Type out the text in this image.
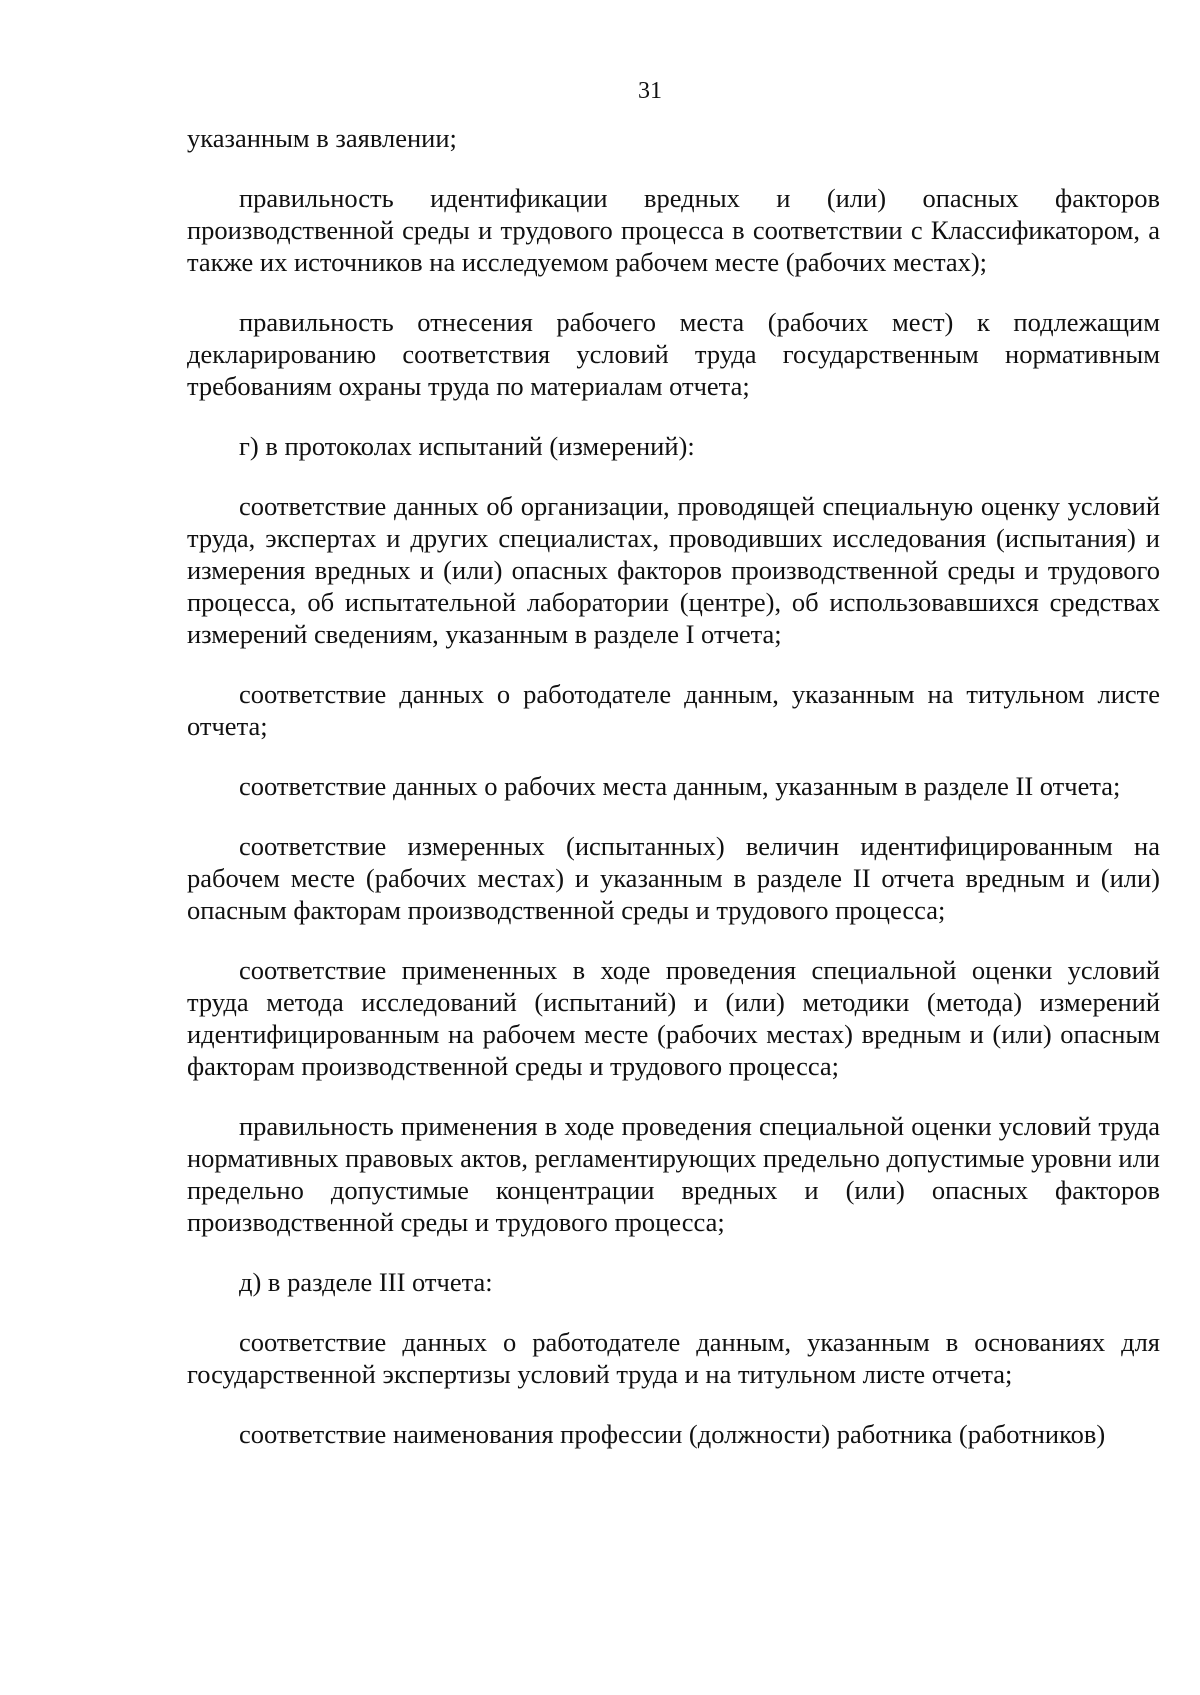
31

указанным в заявлении;

правильность идентификации вредных и (или) опасных факторов производственной среды и трудового процесса в соответствии с Классификатором, а также их источников на исследуемом рабочем месте (рабочих местах);

правильность отнесения рабочего места (рабочих мест) к подлежащим декларированию соответствия условий труда государственным нормативным требованиям охраны труда по материалам отчета;

г) в протоколах испытаний (измерений):

соответствие данных об организации, проводящей специальную оценку условий труда, экспертах и других специалистах, проводивших исследования (испытания) и измерения вредных и (или) опасных факторов производственной среды и трудового процесса, об испытательной лаборатории (центре), об использовавшихся средствах измерений сведениям, указанным в разделе I отчета;

соответствие данных о работодателе данным, указанным на титульном листе отчета;

соответствие данных о рабочих места данным, указанным в разделе II отчета;

соответствие измеренных (испытанных) величин идентифицированным на рабочем месте (рабочих местах) и указанным в разделе II отчета вредным и (или) опасным факторам производственной среды и трудового процесса;

соответствие примененных в ходе проведения специальной оценки условий труда метода исследований (испытаний) и (или) методики (метода) измерений идентифицированным на рабочем месте (рабочих местах) вредным и (или) опасным факторам производственной среды и трудового процесса;

правильность применения в ходе проведения специальной оценки условий труда нормативных правовых актов, регламентирующих предельно допустимые уровни или предельно допустимые концентрации вредных и (или) опасных факторов производственной среды и трудового процесса;

д) в разделе III отчета:

соответствие данных о работодателе данным, указанным в основаниях для государственной экспертизы условий труда и на титульном листе отчета;

соответствие наименования профессии (должности) работника (работников)
